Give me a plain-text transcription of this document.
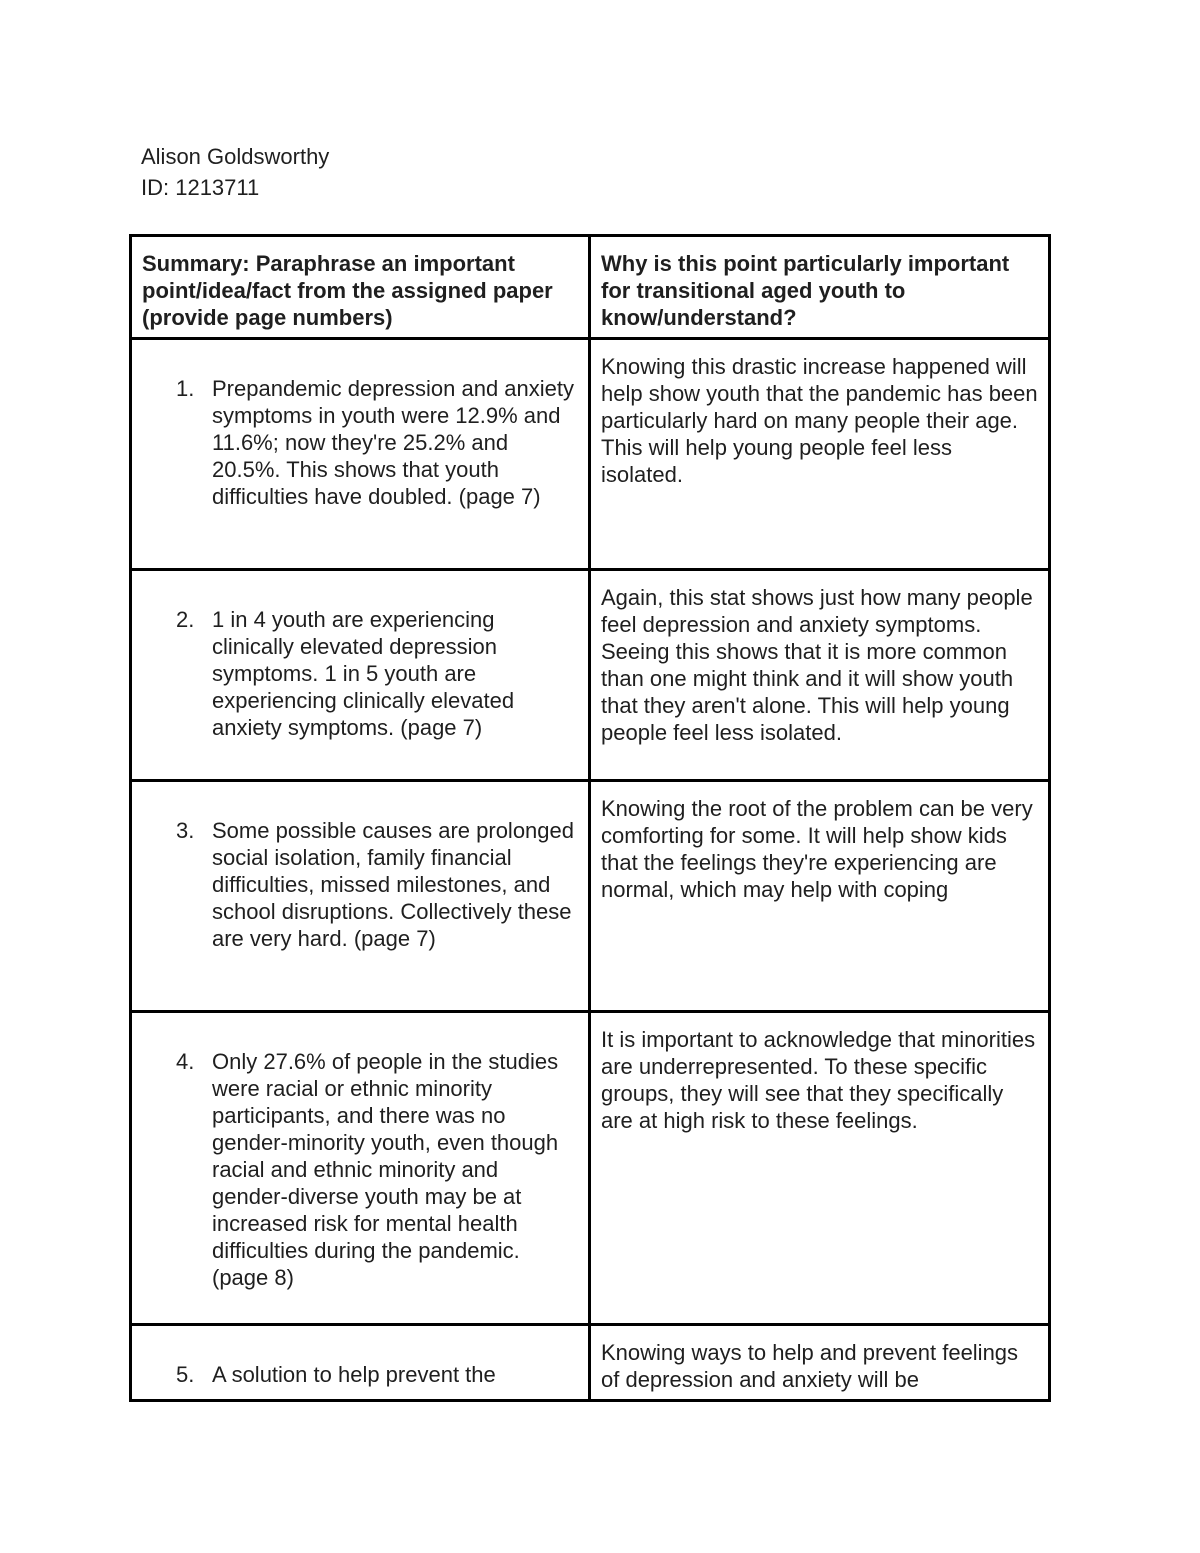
Alison Goldsworthy
ID: 1213711
Summary: Paraphrase an important point/idea/fact from the assigned paper (provide page numbers)	Why is this point particularly important for transitional aged youth to know/understand?

1. Prepandemic depression and anxiety symptoms in youth were 12.9% and 11.6%; now they're 25.2% and 20.5%. This shows that youth difficulties have doubled. (page 7)	Knowing this drastic increase happened will help show youth that the pandemic has been particularly hard on many people their age. This will help young people feel less isolated.

2. 1 in 4 youth are experiencing clinically elevated depression symptoms. 1 in 5 youth are experiencing clinically elevated anxiety symptoms. (page 7)	Again, this stat shows just how many people feel depression and anxiety symptoms. Seeing this shows that it is more common than one might think and it will show youth that they aren't alone. This will help young people feel less isolated.

3. Some possible causes are prolonged social isolation, family financial difficulties, missed milestones, and school disruptions. Collectively these are very hard. (page 7)	Knowing the root of the problem can be very comforting for some. It will help show kids that the feelings they're experiencing are normal, which may help with coping

4. Only 27.6% of people in the studies were racial or ethnic minority participants, and there was no gender-minority youth, even though racial and ethnic minority and gender-diverse youth may be at increased risk for mental health difficulties during the pandemic. (page 8)	It is important to acknowledge that minorities are underrepresented. To these specific groups, they will see that they specifically are at high risk to these feelings.

5. A solution to help prevent the	Knowing ways to help and prevent feelings of depression and anxiety will be
